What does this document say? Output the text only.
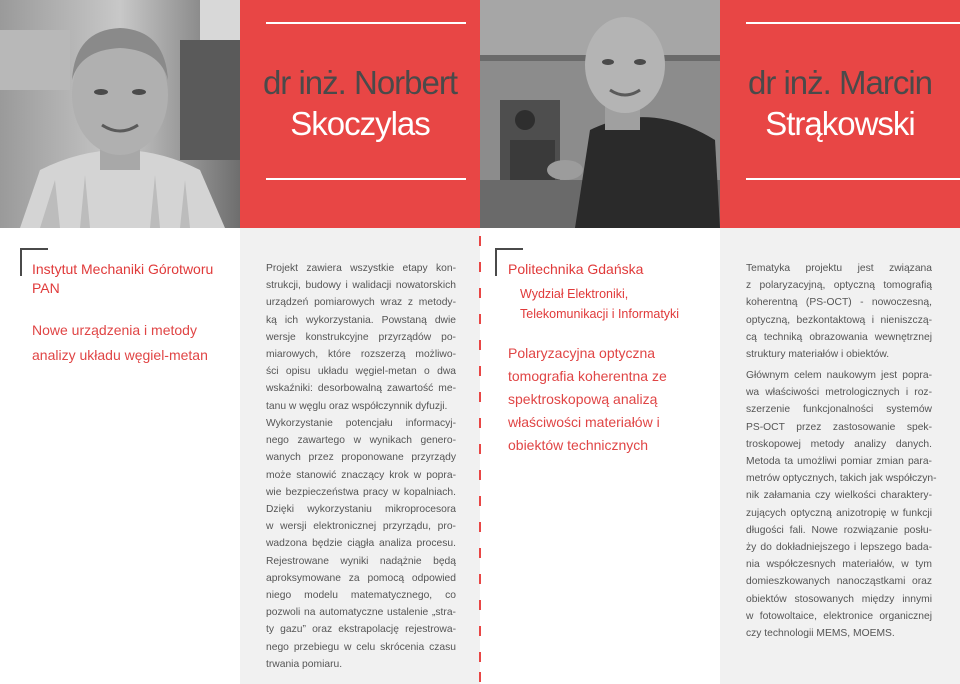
dr inż. Norbert
Skoczylas
dr inż. Marcin
Strąkowski
Instytut Mechaniki Górotworu
PAN
Nowe urządzenia i metody
analizy układu węgiel-metan
Projekt zawiera wszystkie etapy kon-
strukcji, budowy i walidacji nowatorskich
urządzeń pomiarowych wraz z metody-
ką ich wykorzystania. Powstaną dwie
wersje konstrukcyjne przyrządów po-
miarowych, które rozszerzą możliwo-
ści opisu układu węgiel-metan o dwa
wskaźniki: desorbowalną zawartość me-
tanu w węglu oraz współczynnik dyfuzji.
Wykorzystanie potencjału informacyj-
nego zawartego w wynikach genero-
wanych przez proponowane przyrządy
może stanowić znaczący krok w popra-
wie bezpieczeństwa pracy w kopalniach.
Dzięki wykorzystaniu mikroprocesora
w wersji elektronicznej przyrządu, pro-
wadzona będzie ciągła analiza procesu.
Rejestrowane wyniki nadążnie będą
aproksymowane za pomocą odpowied
niego modelu matematycznego, co
pozwoli na automatyczne ustalenie „stra-
ty gazu” oraz ekstrapolację rejestrowa-
nego przebiegu w celu skrócenia czasu
trwania pomiaru.
Politechnika Gdańska
Wydział Elektroniki,
Telekomunikacji i Informatyki
Polaryzacyjna optyczna
tomografia koherentna ze
spektroskopową analizą
właściwości materiałów i
obiektów technicznych
Tematyka projektu jest związana
z polaryzacyjną, optyczną tomografią
koherentną (PS-OCT) - nowoczesną,
optyczną, bezkontaktową i nieniszczą-
cą techniką obrazowania wewnętrznej
struktury materiałów i obiektów.
Głównym celem naukowym jest popra-
wa właściwości metrologicznych i roz-
szerzenie funkcjonalności systemów
PS-OCT przez zastosowanie spek-
troskopowej metody analizy danych.
Metoda ta umożliwi pomiar zmian para-
metrów optycznych, takich jak współczyn-
nik załamania czy wielkości charaktery-
zujących optyczną anizotropię w funkcji
długości fali. Nowe rozwiązanie posłu-
ży do dokładniejszego i lepszego bada-
nia współczesnych materiałów, w tym
domieszkowanych nanocząstkami oraz
obiektów stosowanych między innymi
w fotowoltaice, elektronice organicznej
czy technologii MEMS, MOEMS.
